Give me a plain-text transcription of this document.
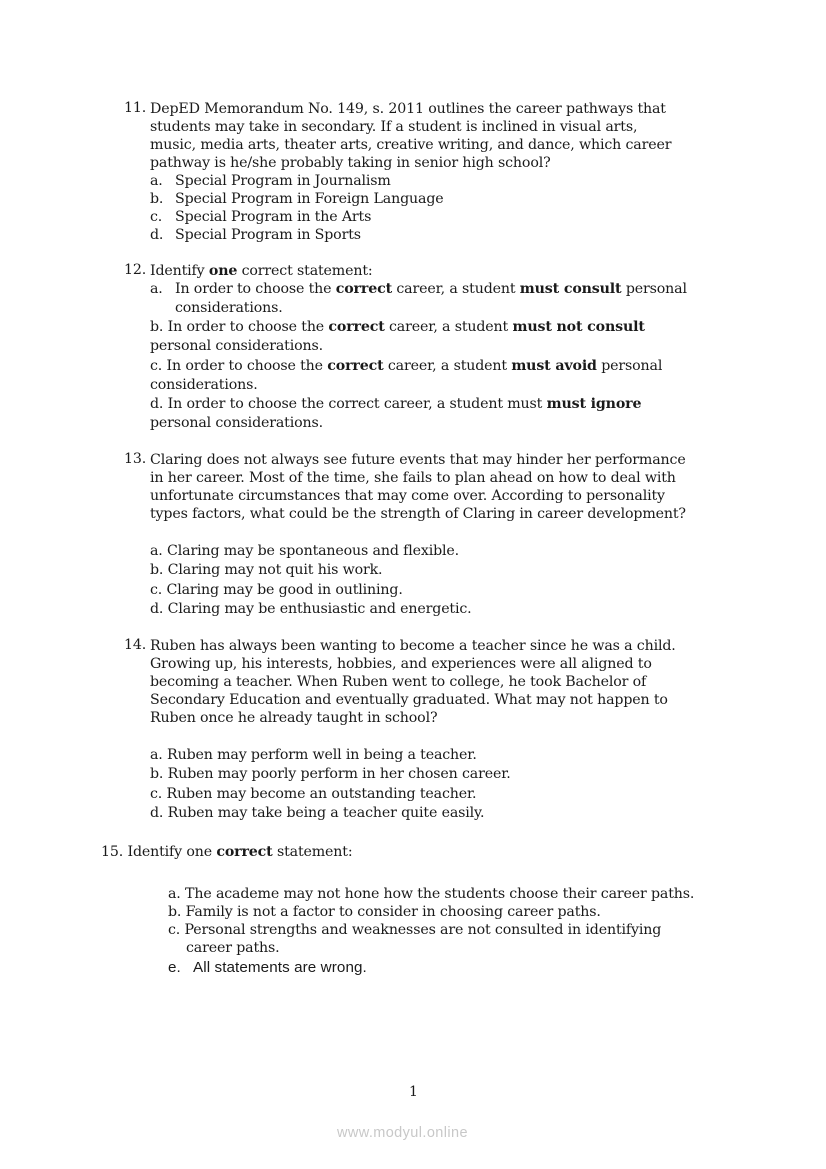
11. DepED Memorandum No. 149, s. 2011 outlines the career pathways that
students may take in secondary. If a student is inclined in visual arts,
music, media arts, theater arts, creative writing, and dance, which career
pathway is he/she probably taking in senior high school?
a. Special Program in Journalism
b. Special Program in Foreign Language
c. Special Program in the Arts
d. Special Program in Sports
12. Identify one correct statement:
a. In order to choose the correct career, a student must consult personal
considerations.
b. In order to choose the correct career, a student must not consult
personal considerations.
c. In order to choose the correct career, a student must avoid personal
considerations.
d. In order to choose the correct career, a student must must ignore
personal considerations.
13. Claring does not always see future events that may hinder her performance
in her career. Most of the time, she fails to plan ahead on how to deal with
unfortunate circumstances that may come over. According to personality
types factors, what could be the strength of Claring in career development?
a. Claring may be spontaneous and flexible.
b. Claring may not quit his work.
c. Claring may be good in outlining.
d. Claring may be enthusiastic and energetic.
14. Ruben has always been wanting to become a teacher since he was a child.
Growing up, his interests, hobbies, and experiences were all aligned to
becoming a teacher. When Ruben went to college, he took Bachelor of
Secondary Education and eventually graduated. What may not happen to
Ruben once he already taught in school?
a. Ruben may perform well in being a teacher.
b. Ruben may poorly perform in her chosen career.
c. Ruben may become an outstanding teacher.
d. Ruben may take being a teacher quite easily.
15. Identify one correct statement:
a. The academe may not hone how the students choose their career paths.
b. Family is not a factor to consider in choosing career paths.
c. Personal strengths and weaknesses are not consulted in identifying
career paths.
e. All statements are wrong.
1
www.modyul.online
